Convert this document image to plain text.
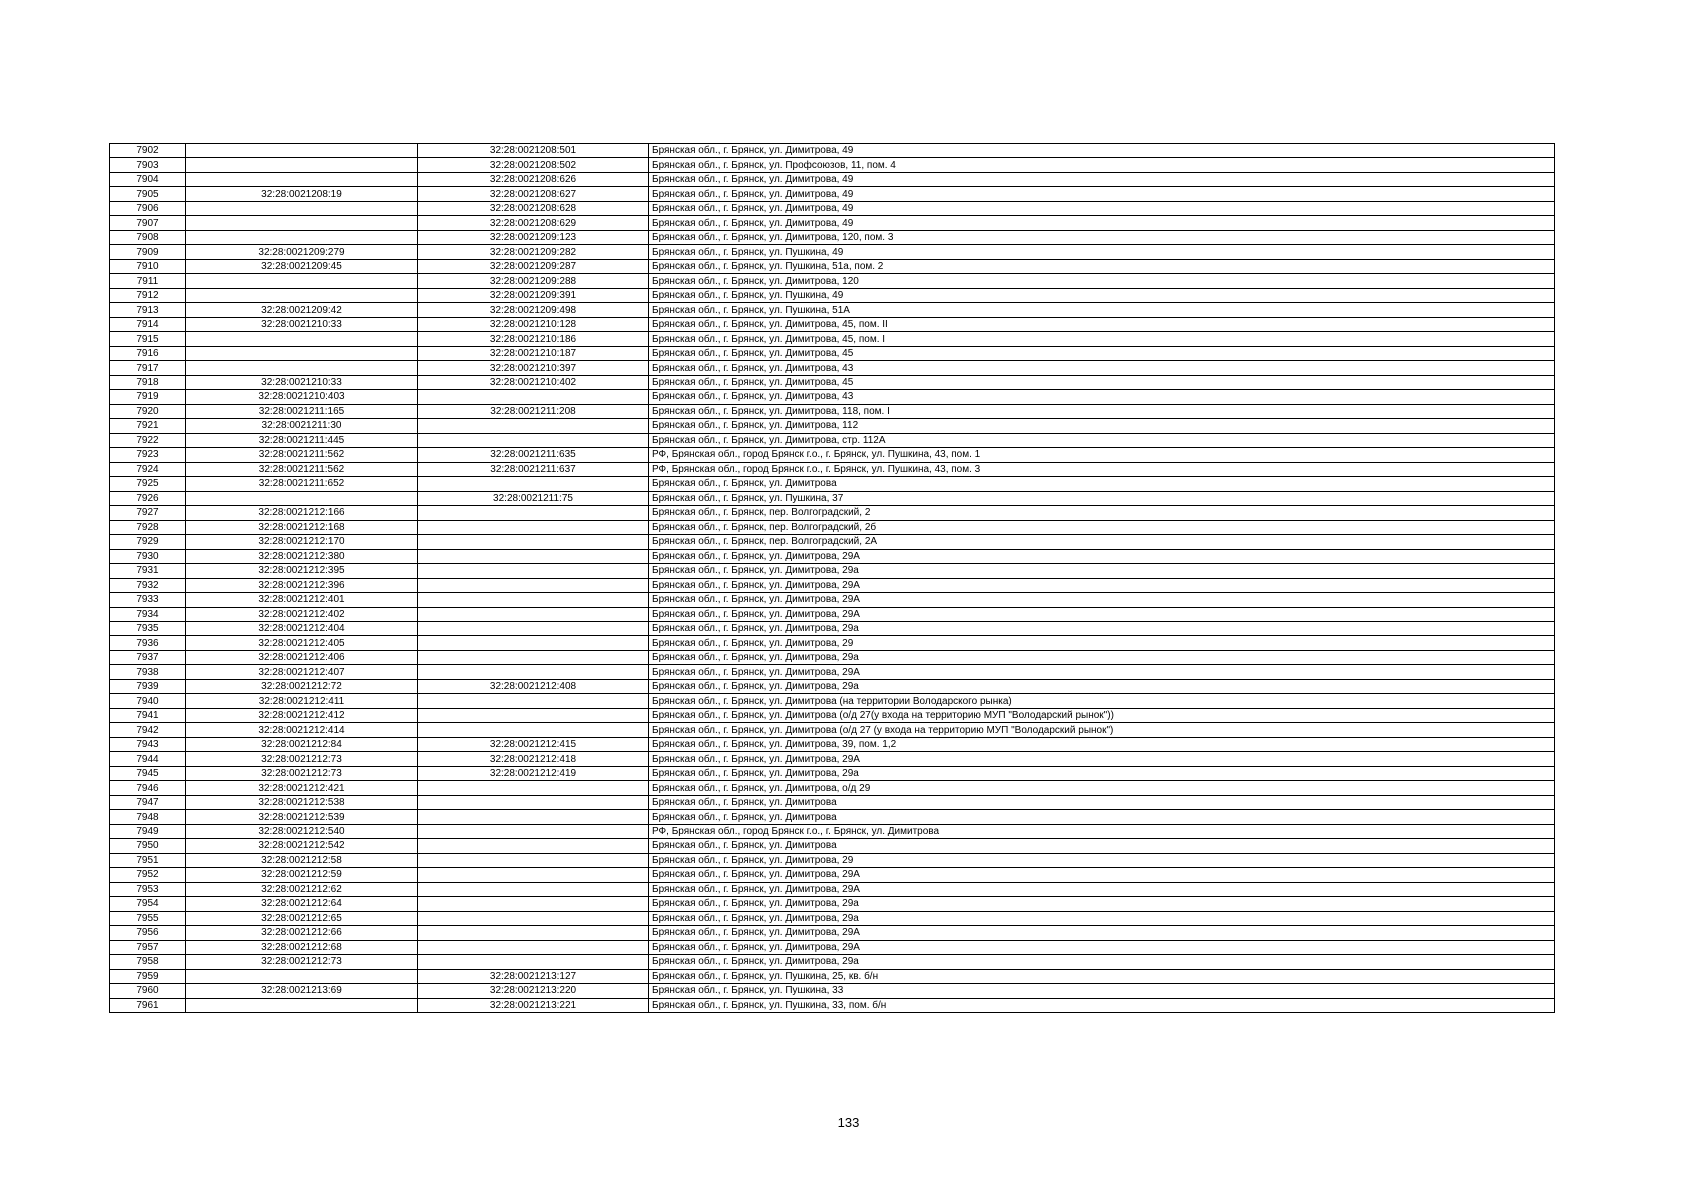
7902		32:28:0021208:501	Брянская обл., г. Брянск, ул. Димитрова, 49
7903		32:28:0021208:502	Брянская обл., г. Брянск, ул. Профсоюзов, 11, пом. 4
7904		32:28:0021208:626	Брянская обл., г. Брянск, ул. Димитрова, 49
7905	32:28:0021208:19	32:28:0021208:627	Брянская обл., г. Брянск, ул. Димитрова, 49
7906		32:28:0021208:628	Брянская обл., г. Брянск, ул. Димитрова, 49
7907		32:28:0021208:629	Брянская обл., г. Брянск, ул. Димитрова, 49
7908		32:28:0021209:123	Брянская обл., г. Брянск, ул. Димитрова, 120, пом. 3
7909	32:28:0021209:279	32:28:0021209:282	Брянская обл., г. Брянск, ул. Пушкина, 49
7910	32:28:0021209:45	32:28:0021209:287	Брянская обл., г. Брянск, ул. Пушкина, 51а, пом. 2
7911		32:28:0021209:288	Брянская обл., г. Брянск, ул. Димитрова, 120
7912		32:28:0021209:391	Брянская обл., г. Брянск, ул. Пушкина, 49
7913	32:28:0021209:42	32:28:0021209:498	Брянская обл., г. Брянск, ул. Пушкина, 51А
7914	32:28:0021210:33	32:28:0021210:128	Брянская обл., г. Брянск, ул. Димитрова, 45, пом. II
7915		32:28:0021210:186	Брянская обл., г. Брянск, ул. Димитрова, 45, пом. I
7916		32:28:0021210:187	Брянская обл., г. Брянск, ул. Димитрова, 45
7917		32:28:0021210:397	Брянская обл., г. Брянск, ул. Димитрова, 43
7918	32:28:0021210:33	32:28:0021210:402	Брянская обл., г. Брянск, ул. Димитрова, 45
7919	32:28:0021210:403		Брянская обл., г. Брянск, ул. Димитрова, 43
7920	32:28:0021211:165	32:28:0021211:208	Брянская обл., г. Брянск, ул. Димитрова, 118, пом. I
7921	32:28:0021211:30		Брянская обл., г. Брянск, ул. Димитрова, 112
7922	32:28:0021211:445		Брянская обл., г. Брянск, ул. Димитрова, стр. 112А
7923	32:28:0021211:562	32:28:0021211:635	РФ, Брянская обл., город Брянск г.о., г. Брянск, ул. Пушкина, 43, пом. 1
7924	32:28:0021211:562	32:28:0021211:637	РФ, Брянская обл., город Брянск г.о., г. Брянск, ул. Пушкина, 43, пом. 3
7925	32:28:0021211:652		Брянская обл., г. Брянск, ул. Димитрова
7926		32:28:0021211:75	Брянская обл., г. Брянск, ул. Пушкина, 37
7927	32:28:0021212:166		Брянская обл., г. Брянск, пер. Волгоградский, 2
7928	32:28:0021212:168		Брянская обл., г. Брянск, пер. Волгоградский, 2б
7929	32:28:0021212:170		Брянская обл., г. Брянск, пер. Волгоградский, 2А
7930	32:28:0021212:380		Брянская обл., г. Брянск, ул. Димитрова, 29А
7931	32:28:0021212:395		Брянская обл., г. Брянск, ул. Димитрова, 29а
7932	32:28:0021212:396		Брянская обл., г. Брянск, ул. Димитрова, 29А
7933	32:28:0021212:401		Брянская обл., г. Брянск, ул. Димитрова, 29А
7934	32:28:0021212:402		Брянская обл., г. Брянск, ул. Димитрова, 29А
7935	32:28:0021212:404		Брянская обл., г. Брянск, ул. Димитрова, 29а
7936	32:28:0021212:405		Брянская обл., г. Брянск, ул. Димитрова, 29
7937	32:28:0021212:406		Брянская обл., г. Брянск, ул. Димитрова, 29а
7938	32:28:0021212:407		Брянская обл., г. Брянск, ул. Димитрова, 29А
7939	32:28:0021212:72	32:28:0021212:408	Брянская обл., г. Брянск, ул. Димитрова, 29а
7940	32:28:0021212:411		Брянская обл., г. Брянск, ул. Димитрова (на территории Володарского рынка)
7941	32:28:0021212:412		Брянская обл., г. Брянск, ул. Димитрова (о/д 27(у входа на территорию МУП "Володарский рынок"))
7942	32:28:0021212:414		Брянская обл., г. Брянск, ул. Димитрова (о/д 27 (у входа на территорию МУП "Володарский рынок")
7943	32:28:0021212:84	32:28:0021212:415	Брянская обл., г. Брянск, ул. Димитрова, 39, пом. 1,2
7944	32:28:0021212:73	32:28:0021212:418	Брянская обл., г. Брянск, ул. Димитрова, 29А
7945	32:28:0021212:73	32:28:0021212:419	Брянская обл., г. Брянск, ул. Димитрова, 29а
7946	32:28:0021212:421		Брянская обл., г. Брянск, ул. Димитрова, о/д 29
7947	32:28:0021212:538		Брянская обл., г. Брянск, ул. Димитрова
7948	32:28:0021212:539		Брянская обл., г. Брянск, ул. Димитрова
7949	32:28:0021212:540		РФ, Брянская обл., город Брянск г.о., г. Брянск, ул. Димитрова
7950	32:28:0021212:542		Брянская обл., г. Брянск, ул. Димитрова
7951	32:28:0021212:58		Брянская обл., г. Брянск, ул. Димитрова, 29
7952	32:28:0021212:59		Брянская обл., г. Брянск, ул. Димитрова, 29А
7953	32:28:0021212:62		Брянская обл., г. Брянск, ул. Димитрова, 29А
7954	32:28:0021212:64		Брянская обл., г. Брянск, ул. Димитрова, 29а
7955	32:28:0021212:65		Брянская обл., г. Брянск, ул. Димитрова, 29а
7956	32:28:0021212:66		Брянская обл., г. Брянск, ул. Димитрова, 29А
7957	32:28:0021212:68		Брянская обл., г. Брянск, ул. Димитрова, 29А
7958	32:28:0021212:73		Брянская обл., г. Брянск, ул. Димитрова, 29а
7959		32:28:0021213:127	Брянская обл., г. Брянск, ул. Пушкина, 25, кв. б/н
7960	32:28:0021213:69	32:28:0021213:220	Брянская обл., г. Брянск, ул. Пушкина, 33
7961		32:28:0021213:221	Брянская обл., г. Брянск, ул. Пушкина, 33, пом. б/н
133
